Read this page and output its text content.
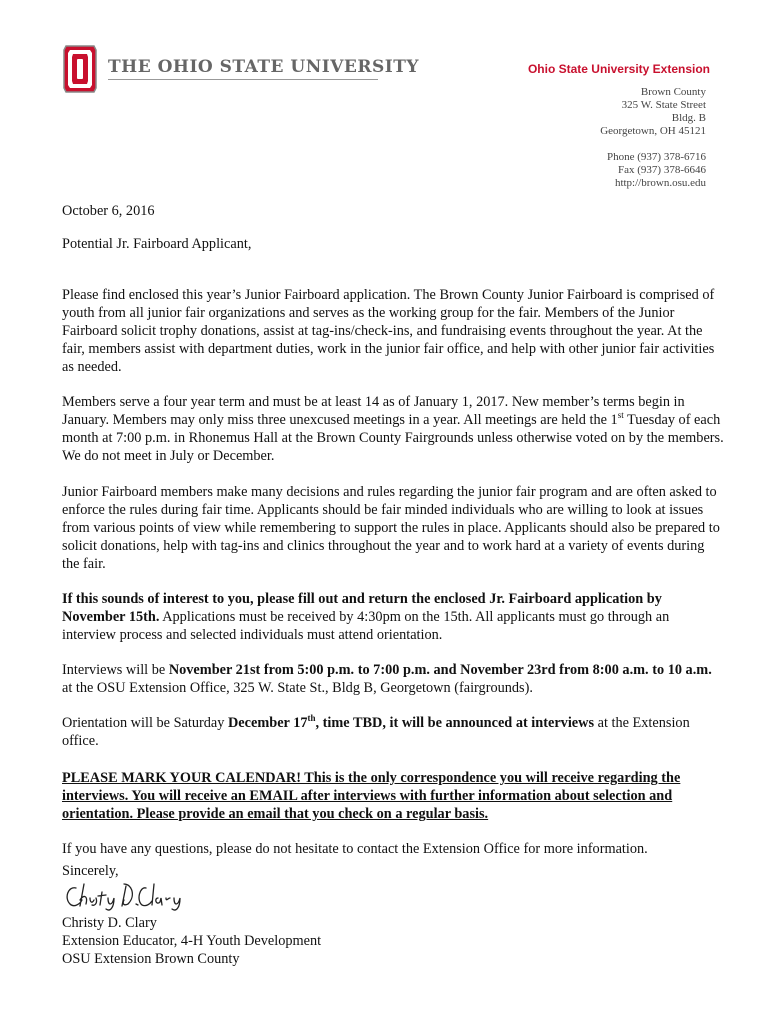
THE OHIO STATE UNIVERSITY	Ohio State University Extension
Brown County
325 W. State Street
Bldg. B
Georgetown, OH 45121
Phone (937) 378-6716
Fax (937) 378-6646
http://brown.osu.edu
October 6, 2016
Potential Jr. Fairboard Applicant,

Please find enclosed this year’s Junior Fairboard application. The Brown County Junior Fairboard is comprised of youth from all junior fair organizations and serves as the working group for the fair. Members of the Junior Fairboard solicit trophy donations, assist at tag-ins/check-ins, and fundraising events throughout the year. At the fair, members assist with department duties, work in the junior fair office, and help with other junior fair activities as needed.

Members serve a four year term and must be at least 14 as of January 1, 2017. New member’s terms begin in January. Members may only miss three unexcused meetings in a year. All meetings are held the 1st Tuesday of each month at 7:00 p.m. in Rhonemus Hall at the Brown County Fairgrounds unless otherwise voted on by the members. We do not meet in July or December.

Junior Fairboard members make many decisions and rules regarding the junior fair program and are often asked to enforce the rules during fair time. Applicants should be fair minded individuals who are willing to look at issues from various points of view while remembering to support the rules in place. Applicants should also be prepared to solicit donations, help with tag-ins and clinics throughout the year and to work hard at a variety of events during the fair.

If this sounds of interest to you, please fill out and return the enclosed Jr. Fairboard application by November 15th. Applications must be received by 4:30pm on the 15th. All applicants must go through an interview process and selected individuals must attend orientation.

Interviews will be November 21st from 5:00 p.m. to 7:00 p.m. and November 23rd from 8:00 a.m. to 10 a.m. at the OSU Extension Office, 325 W. State St., Bldg B, Georgetown (fairgrounds).

Orientation will be Saturday December 17th, time TBD, it will be announced at interviews at the Extension office.

PLEASE MARK YOUR CALENDAR! This is the only correspondence you will receive regarding the interviews. You will receive an EMAIL after interviews with further information about selection and orientation. Please provide an email that you check on a regular basis.

If you have any questions, please do not hesitate to contact the Extension Office for more information.

Sincerely,
Christy D. Clary
Extension Educator, 4-H Youth Development
OSU Extension Brown County
